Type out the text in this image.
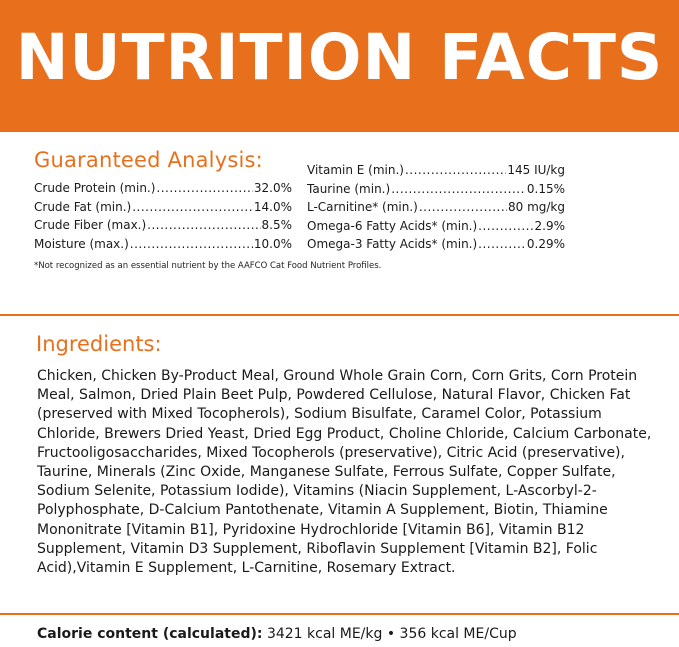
NUTRITION FACTS
Guaranteed Analysis:
Crude Protein (min.) .....	32.0%
Crude Fat (min.) .....	14.0%
Crude Fiber (max.) .....	8.5%
Moisture (max.) .....	10.0%
Vitamin E (min.) .....	145 IU/kg
Taurine (min.) .....	0.15%
L-Carnitine* (min.) .....	80 mg/kg
Omega-6 Fatty Acids* (min.) .....	2.9%
Omega-3 Fatty Acids* (min.) .....	0.29%
*Not recognized as an essential nutrient by the AAFCO Cat Food Nutrient Profiles.
Ingredients:
Chicken, Chicken By-Product Meal, Ground Whole Grain Corn, Corn Grits, Corn Protein Meal, Salmon, Dried Plain Beet Pulp, Powdered Cellulose, Natural Flavor, Chicken Fat (preserved with Mixed Tocopherols), Sodium Bisulfate, Caramel Color, Potassium Chloride, Brewers Dried Yeast, Dried Egg Product, Choline Chloride, Calcium Carbonate, Fructooligosaccharides, Mixed Tocopherols (preservative), Citric Acid (preservative), Taurine, Minerals (Zinc Oxide, Manganese Sulfate, Ferrous Sulfate, Copper Sulfate, Sodium Selenite, Potassium Iodide), Vitamins (Niacin Supplement, L-Ascorbyl-2-Polyphosphate, D-Calcium Pantothenate, Vitamin A Supplement, Biotin, Thiamine Mononitrate [Vitamin B1], Pyridoxine Hydrochloride [Vitamin B6], Vitamin B12 Supplement, Vitamin D3 Supplement, Riboflavin Supplement [Vitamin B2], Folic Acid),Vitamin E Supplement, L-Carnitine, Rosemary Extract.
Calorie content (calculated): 3421 kcal ME/kg • 356 kcal ME/Cup
